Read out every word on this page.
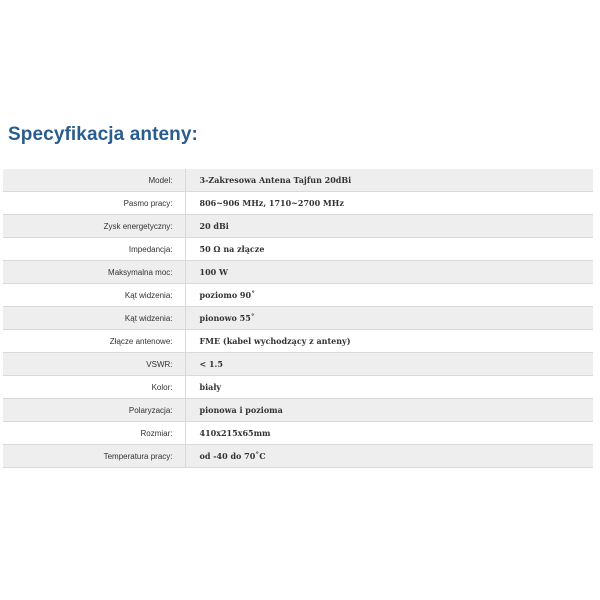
Specyfikacja anteny:

Model:	3-Zakresowa Antena Tajfun 20dBi
Pasmo pracy:	806~906 MHz, 1710~2700 MHz
Zysk energetyczny:	20 dBi
Impedancja:	50 Ω na złącze
Maksymalna moc:	100 W
Kąt widzenia:	poziomo 90˚
Kąt widzenia:	pionowo 55˚
Złącze antenowe:	FME (kabel wychodzący z anteny)
VSWR:	< 1.5
Kolor:	biały
Polaryzacja:	pionowa i pozioma
Rozmiar:	410x215x65mm
Temperatura pracy:	od -40 do 70˚C
